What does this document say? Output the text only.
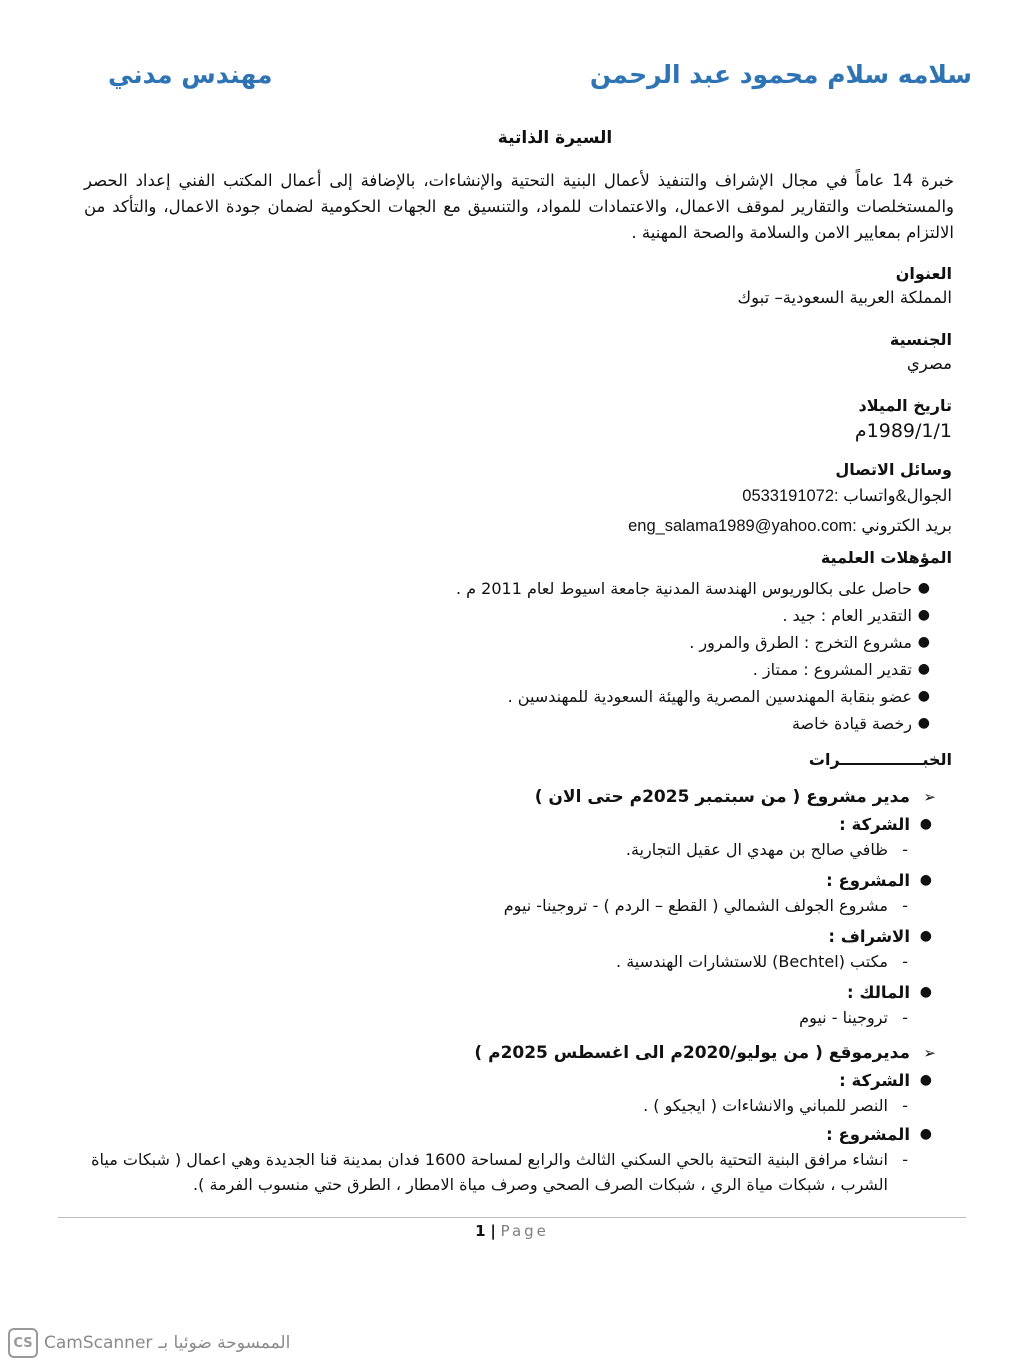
سلامه سلام محمود عبد الرحمن
مهندس مدني
السيرة الذاتية
خبرة 14 عاماً في مجال الإشراف والتنفيذ لأعمال البنية التحتية والإنشاءات، بالإضافة إلى أعمال المكتب الفني إعداد الحصر والمستخلصات والتقارير لموقف الاعمال، والاعتمادات للمواد، والتنسيق مع الجهات الحكومية لضمان جودة الاعمال، والتأكد من الالتزام بمعايير الامن والسلامة والصحة المهنية .
العنوان

المملكة العربية السعودية– تبوك

الجنسية

مصري

تاريخ الميلاد

1989/1/1م

وسائل الاتصال

الجوال&واتساب :0533191072

بريد الكتروني :eng_salama1989@yahoo.com

المؤهلات العلمية
●
حاصل على بكالوريوس الهندسة المدنية جامعة اسيوط لعام 2011 م .
●
التقدير العام : جيد .
●
مشروع التخرج : الطرق والمرور .
●
تقدير المشروع : ممتاز .
●
عضو بنقابة المهندسين المصرية والهيئة السعودية للمهندسين .
●
رخصة قيادة خاصة
الخبـــــــــــــــرات
➢
مدير مشروع ( من سبتمبر 2025م حتى الان )
●
الشركة :
-
ظافي صالح بن مهدي ال عقيل التجارية.
●
المشروع :
-
مشروع الجولف الشمالي ( القطع – الردم ) - تروجينا- نيوم
●
الاشراف :
-
مكتب (Bechtel) للاستشارات الهندسية .
●
المالك :
-
تروجينا - نيوم
➢
مديرموقع ( من يوليو/2020م الى اغسطس 2025م )
●
الشركة :
-
النصر للمباني والانشاءات ( ايجيكو ) .
●
المشروع :
-
انشاء مرافق البنية التحتية بالحي السكني الثالث والرابع لمساحة 1600 فدان بمدينة قنا الجديدة وهي اعمال ( شبكات مياة الشرب ، شبكات مياة الري ، شبكات الصرف الصحي وصرف مياة الامطار ، الطرق حتي منسوب الفرمة ).
1 | Page
CS CamScanner الممسوحة ضوئيا بـ
